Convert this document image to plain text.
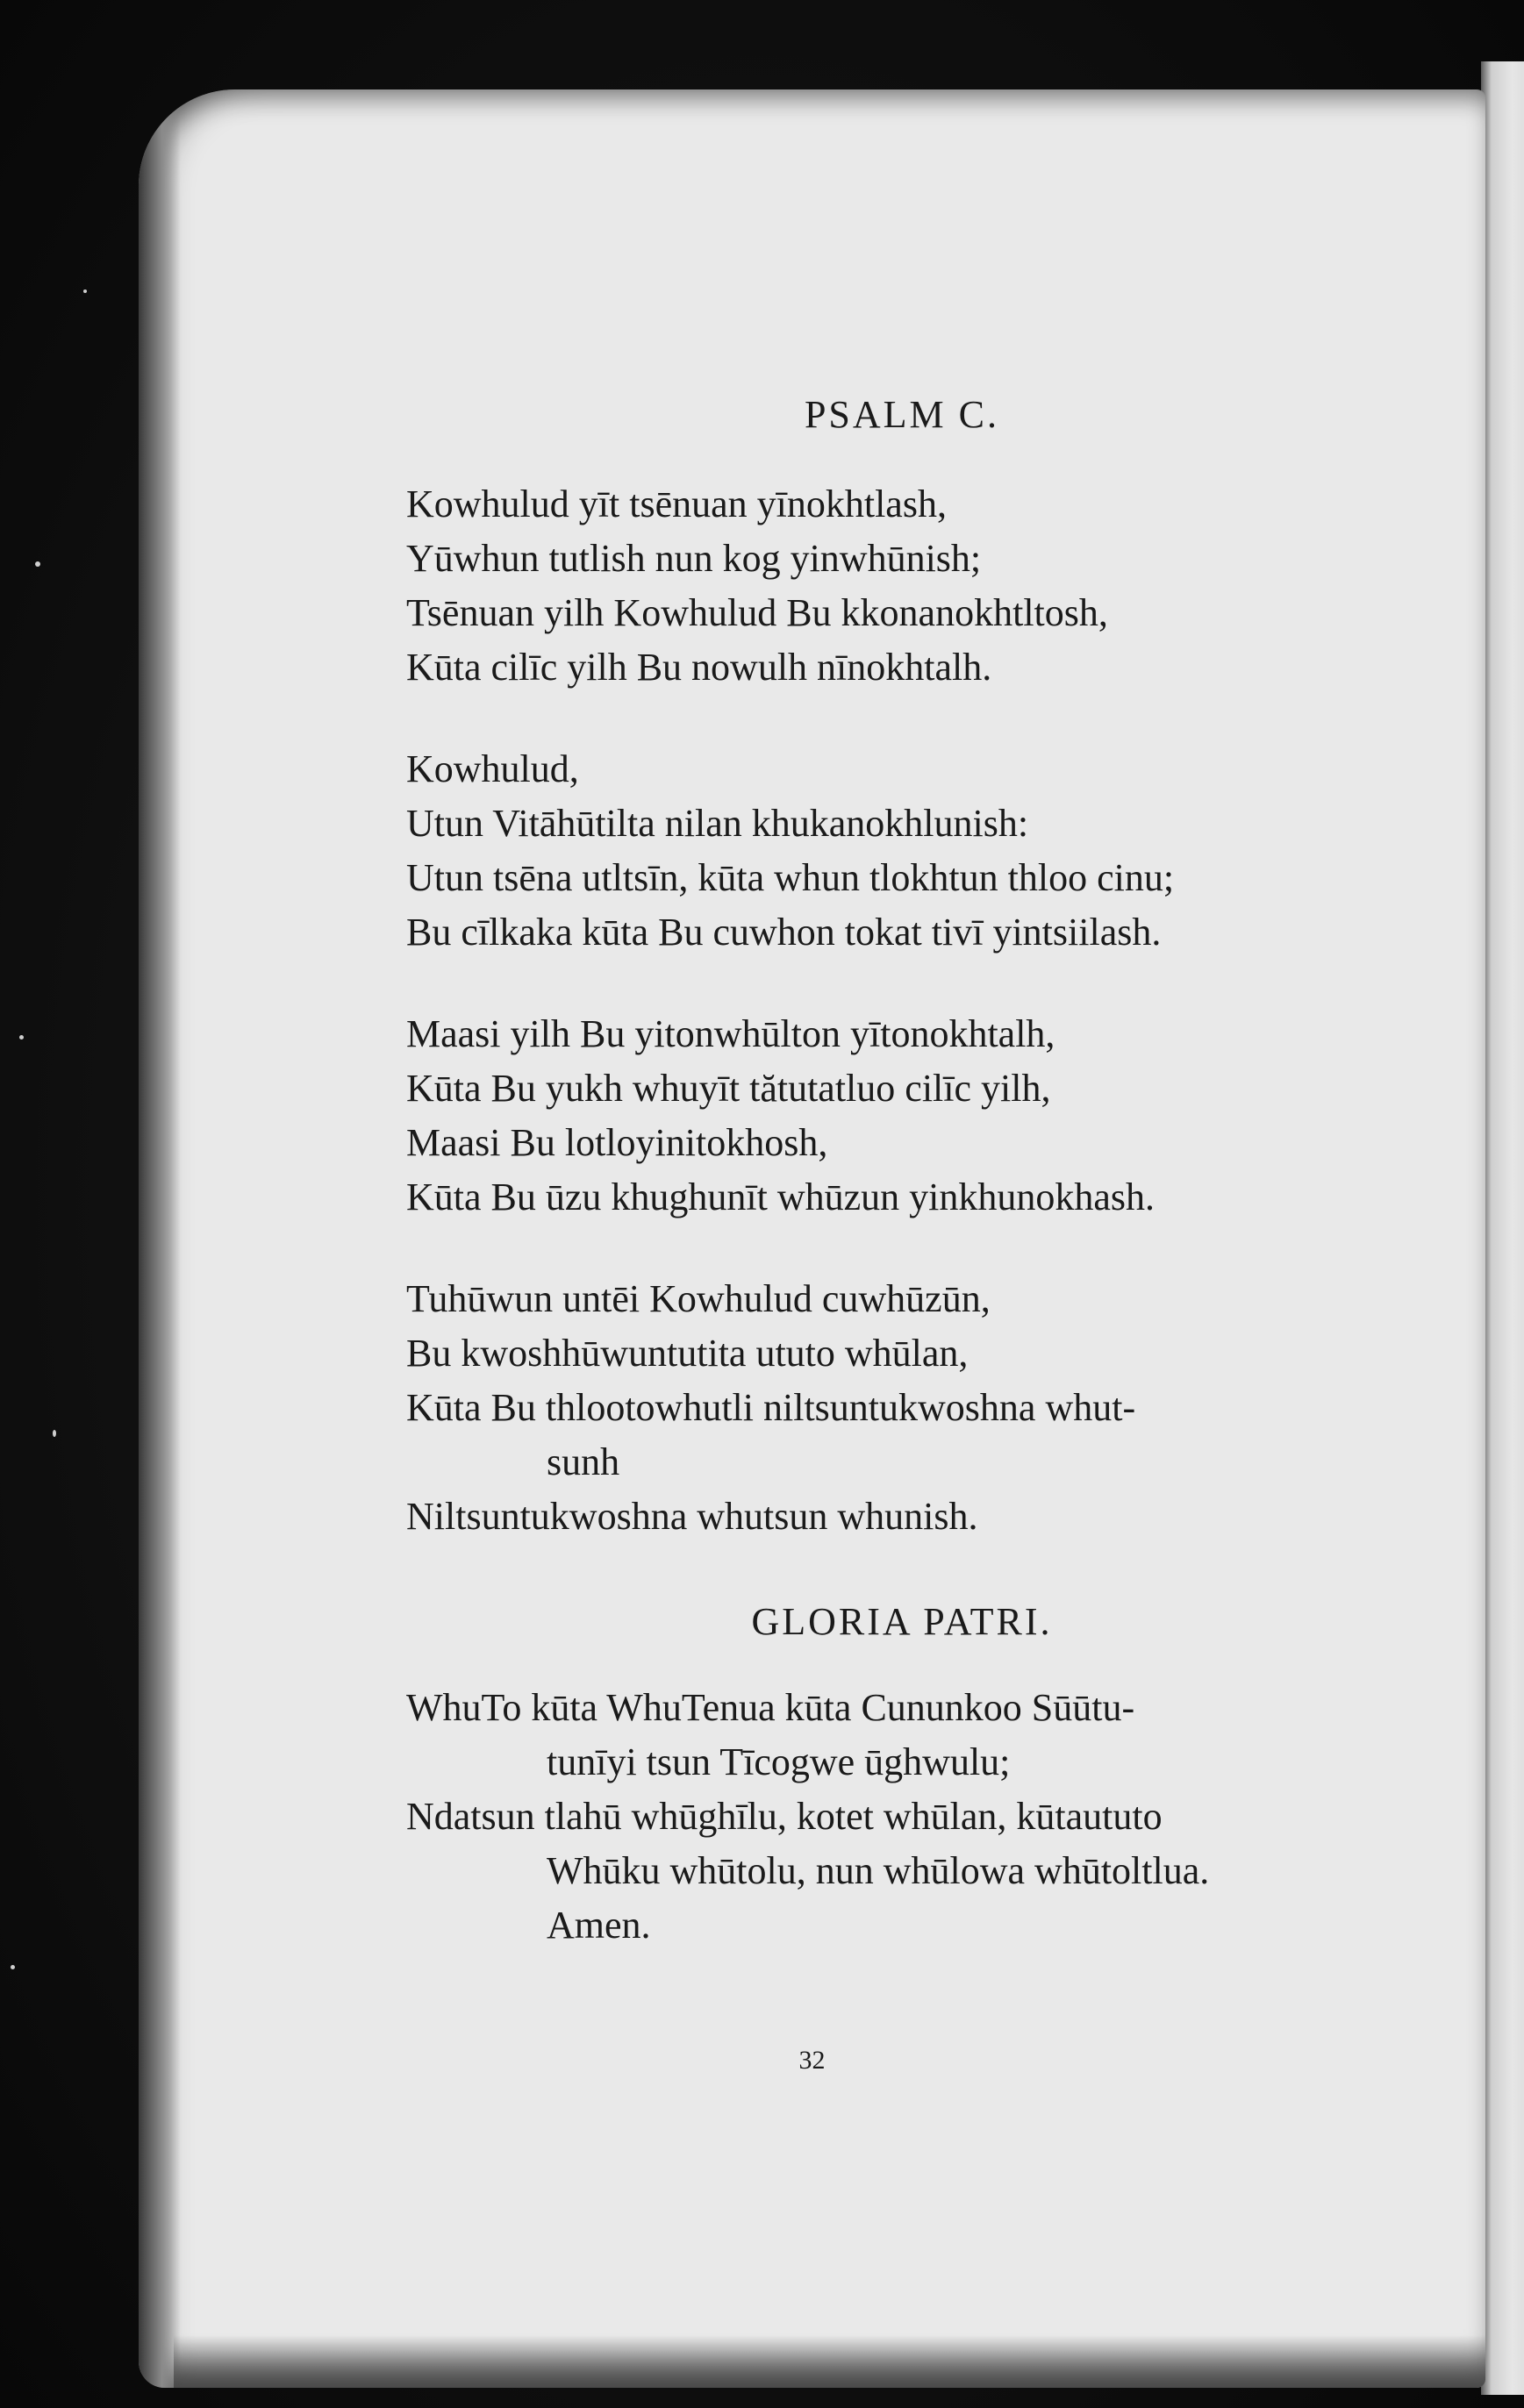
PSALM C.
Kowhulud yīt tsēnuan yīnokhtlash,
Yūwhun tutlish nun kog yinwhūnish;
Tsēnuan yilh Kowhulud Bu kkonanokhtltosh,
Kūta cilīc yilh Bu nowulh nīnokhtalh.
Kowhulud,
Utun Vitāhūtilta nilan khukanokhlunish:
Utun tsēna utltsīn, kūta whun tlokhtun thloo cinu;
Bu cīlkaka kūta Bu cuwhon tokat tivī yintsiilash.
Maasi yilh Bu yitonwhūlton yītonokhtalh,
Kūta Bu yukh whuyīt tătutatluo cilīc yilh,
Maasi Bu lotloyinitokhosh,
Kūta Bu ūzu khughunīt whūzun yinkhunokhash.
Tuhūwun untēi Kowhulud cuwhūzūn,
Bu kwoshhūwuntutita ututo whūlan,
Kūta Bu thlootowhutli niltsuntukwoshna whut-
sunh
Niltsuntukwoshna whutsun whunish.
GLORIA PATRI.
WhuTo kūta WhuTenua kūta Cununkoo Sūūtu-
tunīyi tsun Tīcogwe ūghwulu;
Ndatsun tlahū whūghīlu, kotet whūlan, kūtaututo
Whūku whūtolu, nun whūlowa whūtoltlua.
Amen.
32
